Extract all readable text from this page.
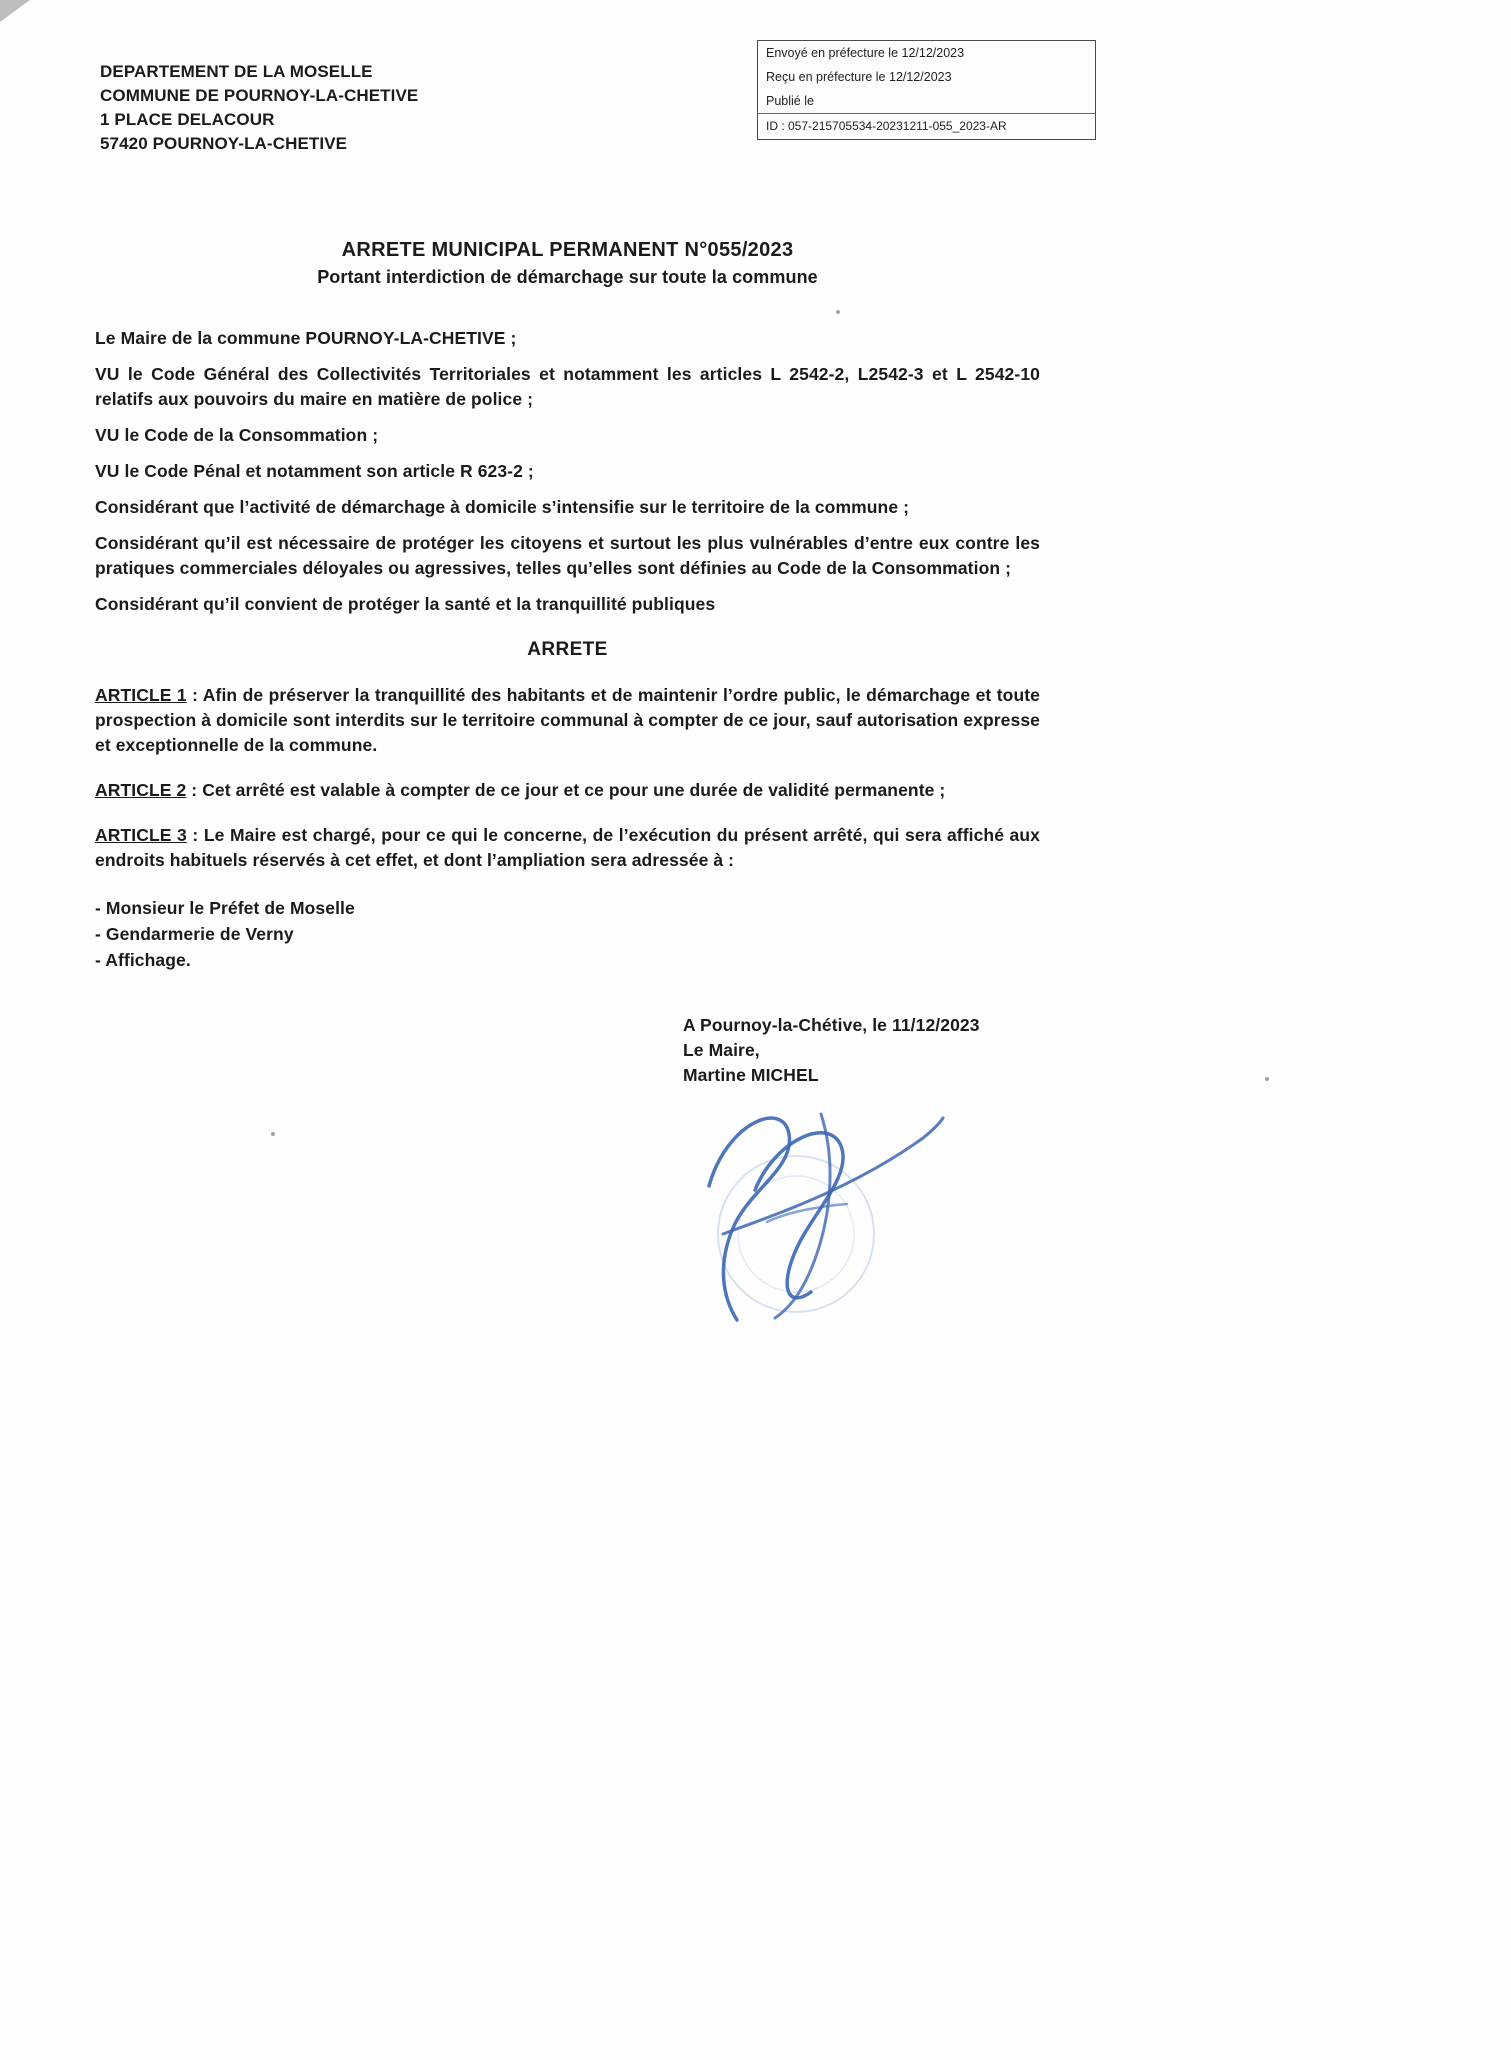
Envoyé en préfecture le 12/12/2023
Reçu en préfecture le 12/12/2023
Publié le
ID : 057-215705534-20231211-055_2023-AR
DEPARTEMENT DE LA MOSELLE
COMMUNE DE POURNOY-LA-CHETIVE
1 PLACE DELACOUR
57420 POURNOY-LA-CHETIVE
ARRETE MUNICIPAL PERMANENT N°055/2023
Portant interdiction de démarchage sur toute la commune

Le Maire de la commune POURNOY-LA-CHETIVE ;

VU le Code Général des Collectivités Territoriales et notamment les articles L 2542-2, L2542-3 et L 2542-10 relatifs aux pouvoirs du maire en matière de police ;

VU le Code de la Consommation ;

VU le Code Pénal et notamment son article R 623-2 ;

Considérant que l’activité de démarchage à domicile s’intensifie sur le territoire de la commune ;

Considérant qu’il est nécessaire de protéger les citoyens et surtout les plus vulnérables d’entre eux contre les pratiques commerciales déloyales ou agressives, telles qu’elles sont définies au Code de la Consommation ;

Considérant qu’il convient de protéger la santé et la tranquillité publiques

ARRETE

ARTICLE 1 : Afin de préserver la tranquillité des habitants et de maintenir l’ordre public, le démarchage et toute prospection à domicile sont interdits sur le territoire communal à compter de ce jour, sauf autorisation expresse et exceptionnelle de la commune.

ARTICLE 2 : Cet arrêté est valable à compter de ce jour et ce pour une durée de validité permanente ;

ARTICLE 3 : Le Maire est chargé, pour ce qui le concerne, de l’exécution du présent arrêté, qui sera affiché aux endroits habituels réservés à cet effet, et dont l’ampliation sera adressée à :

- Monsieur le Préfet de Moselle
- Gendarmerie de Verny
- Affichage.
A Pournoy-la-Chétive, le 11/12/2023
Le Maire,
Martine MICHEL
